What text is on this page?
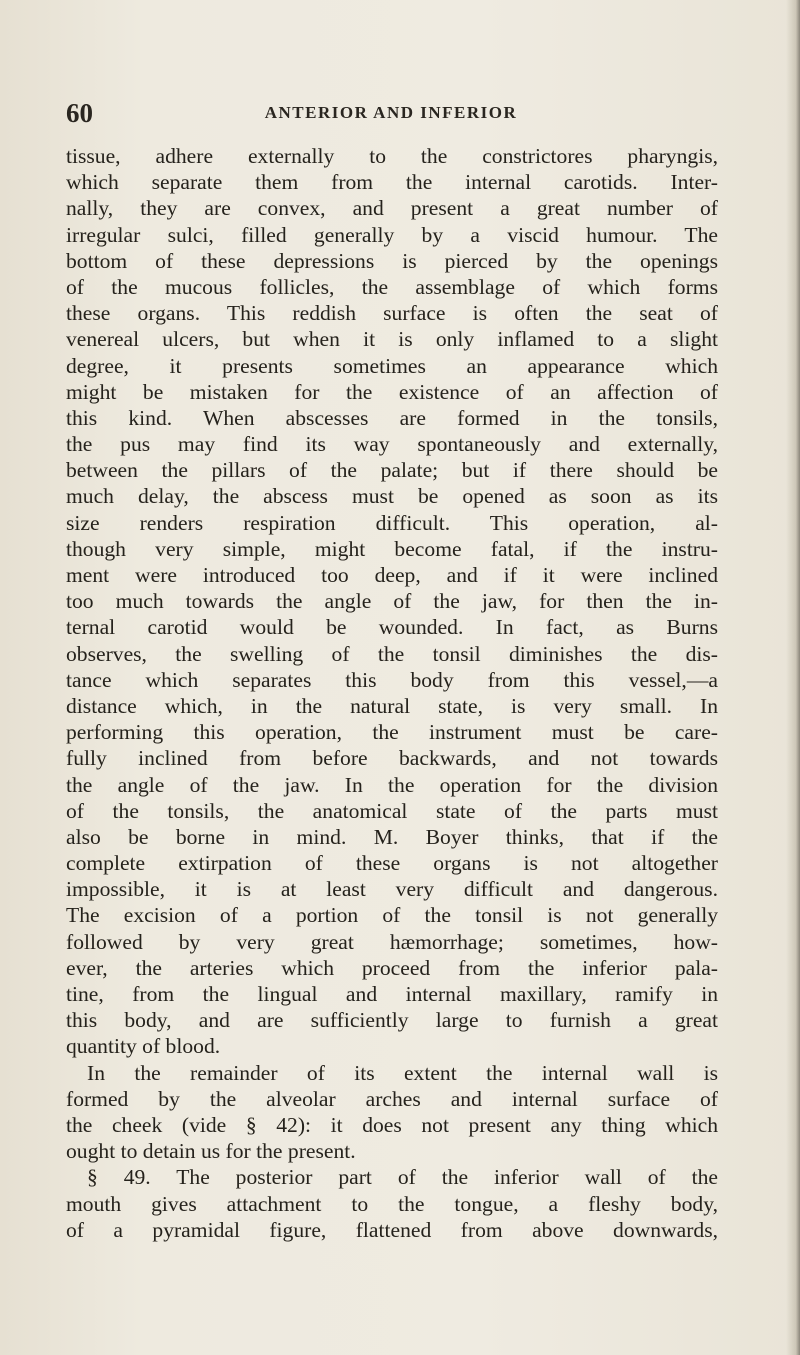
60	ANTERIOR AND INFERIOR
tissue, adhere externally to the constrictores pharyngis,
which separate them from the internal carotids. Inter-
nally, they are convex, and present a great number of
irregular sulci, filled generally by a viscid humour. The
bottom of these depressions is pierced by the openings
of the mucous follicles, the assemblage of which forms
these organs. This reddish surface is often the seat of
venereal ulcers, but when it is only inflamed to a slight
degree, it presents sometimes an appearance which
might be mistaken for the existence of an affection of
this kind. When abscesses are formed in the tonsils,
the pus may find its way spontaneously and externally,
between the pillars of the palate; but if there should be
much delay, the abscess must be opened as soon as its
size renders respiration difficult. This operation, al-
though very simple, might become fatal, if the instru-
ment were introduced too deep, and if it were inclined
too much towards the angle of the jaw, for then the in-
ternal carotid would be wounded. In fact, as Burns
observes, the swelling of the tonsil diminishes the dis-
tance which separates this body from this vessel,—a
distance which, in the natural state, is very small. In
performing this operation, the instrument must be care-
fully inclined from before backwards, and not towards
the angle of the jaw. In the operation for the division
of the tonsils, the anatomical state of the parts must
also be borne in mind. M. Boyer thinks, that if the
complete extirpation of these organs is not altogether
impossible, it is at least very difficult and dangerous.
The excision of a portion of the tonsil is not generally
followed by very great hæmorrhage; sometimes, how-
ever, the arteries which proceed from the inferior pala-
tine, from the lingual and internal maxillary, ramify in
this body, and are sufficiently large to furnish a great
quantity of blood.
In the remainder of its extent the internal wall is
formed by the alveolar arches and internal surface of
the cheek (vide § 42): it does not present any thing which
ought to detain us for the present.
§ 49. The posterior part of the inferior wall of the
mouth gives attachment to the tongue, a fleshy body,
of a pyramidal figure, flattened from above downwards,
